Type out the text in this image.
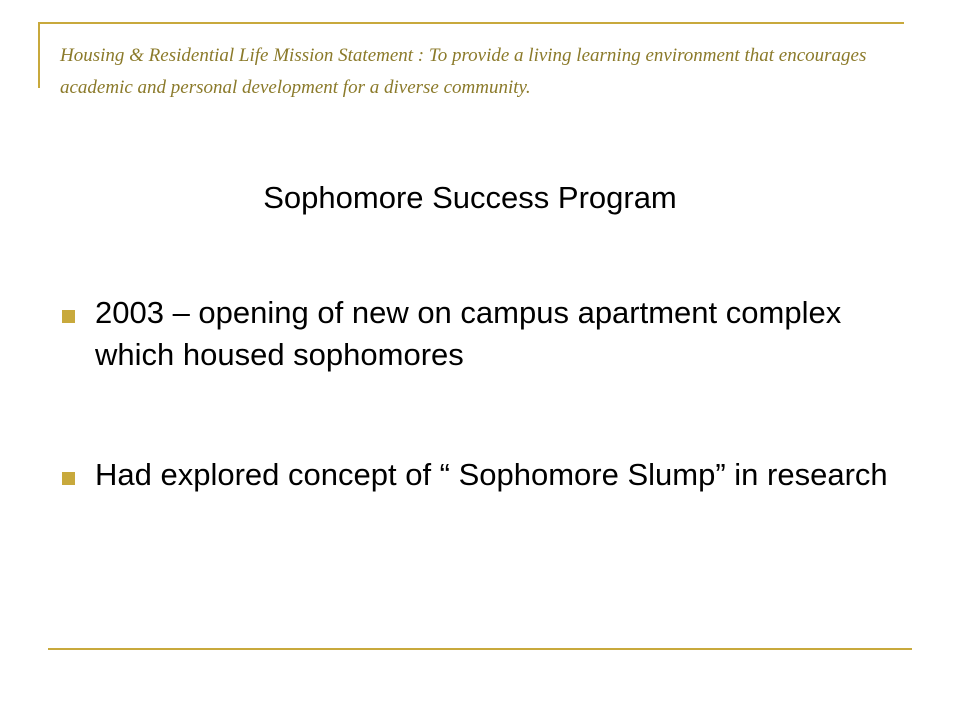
Housing & Residential Life Mission Statement : To provide a living learning environment that encourages academic and personal development for a diverse community.

Sophomore Success Program
2003 – opening of new on campus apartment complex which housed sophomores
Had explored concept of “ Sophomore Slump” in research
